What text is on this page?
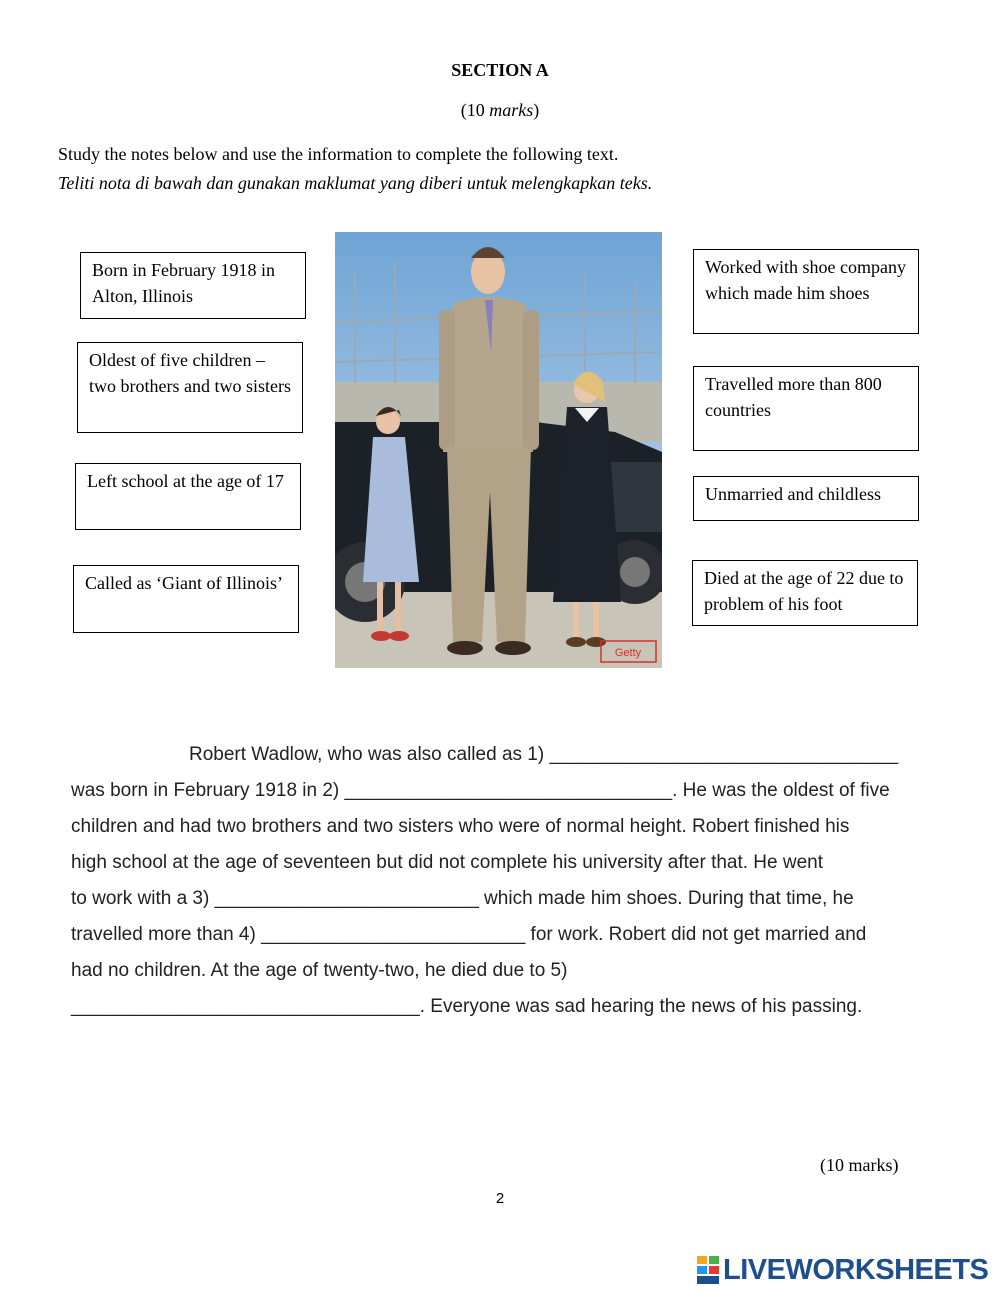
SECTION A
(10 marks)
Study the notes below and use the information to complete the following text.
Teliti nota di bawah dan gunakan maklumat yang diberi untuk melengkapkan teks.
Born in February 1918 in Alton, Illinois
Oldest of five children – two brothers and two sisters
Left school at the age of 17
Called as ‘Giant of Illinois’
Worked with shoe company which made him shoes
Travelled more than 800 countries
Unmarried and childless
Died at the age of 22 due to problem of his foot
Getty
Robert Wadlow, who was also called as 1) _________________________________
was born in February 1918 in 2) _______________________________. He was the oldest of five
children and had two brothers and two sisters who were of normal height. Robert finished his
high school at the age of seventeen but did not complete his university after that. He went
to work with a 3) _________________________ which made him shoes. During that time, he
travelled more than 4) _________________________ for work. Robert did not get married and
had no children. At the age of twenty-two, he died due to 5)
_________________________________. Everyone was sad hearing the news of his passing.
(10 marks)
2
LIVEWORKSHEETS
